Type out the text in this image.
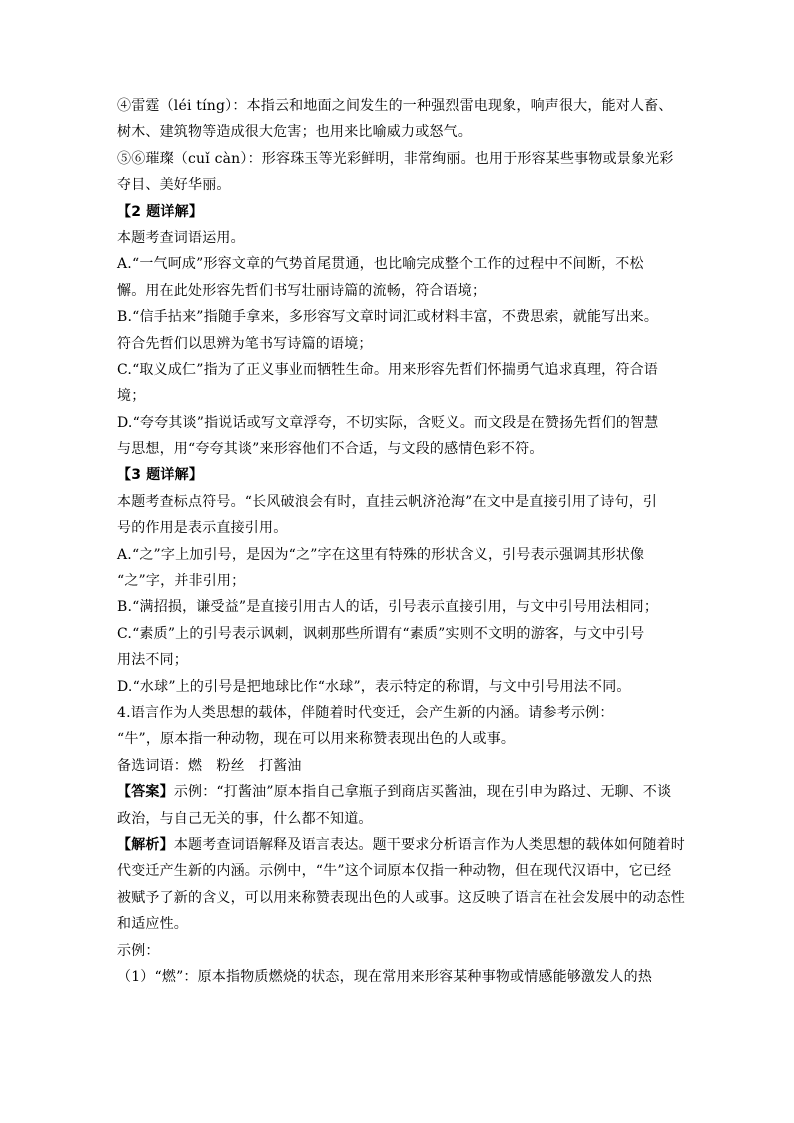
④雷霆（léi tíng）：本指云和地面之间发生的一种强烈雷电现象，响声很大，能对人畜、
树木、建筑物等造成很大危害；也用来比喻威力或怒气。
⑤⑥璀璨（cuǐ càn）：形容珠玉等光彩鲜明，非常绚丽。也用于形容某些事物或景象光彩
夺目、美好华丽。
【2 题详解】
本题考查词语运用。
A.“一气呵成”形容文章的气势首尾贯通，也比喻完成整个工作的过程中不间断，不松
懈。用在此处形容先哲们书写壮丽诗篇的流畅，符合语境；
B.“信手拈来”指随手拿来，多形容写文章时词汇或材料丰富，不费思索，就能写出来。
符合先哲们以思辨为笔书写诗篇的语境；
C.“取义成仁”指为了正义事业而牺牲生命。用来形容先哲们怀揣勇气追求真理，符合语
境；
D.“夸夸其谈”指说话或写文章浮夸，不切实际，含贬义。而文段是在赞扬先哲们的智慧
与思想，用“夸夸其谈”来形容他们不合适，与文段的感情色彩不符。
【3 题详解】
本题考查标点符号。“长风破浪会有时，直挂云帆济沧海”在文中是直接引用了诗句，引
号的作用是表示直接引用。
A.“之”字上加引号，是因为“之”字在这里有特殊的形状含义，引号表示强调其形状像
“之”字，并非引用；
B.“满招损，谦受益”是直接引用古人的话，引号表示直接引用，与文中引号用法相同；
C.“素质”上的引号表示讽刺，讽刺那些所谓有“素质”实则不文明的游客，与文中引号
用法不同；
D.“水球”上的引号是把地球比作“水球”，表示特定的称谓，与文中引号用法不同。
4.语言作为人类思想的载体，伴随着时代变迁，会产生新的内涵。请参考示例：
“牛”，原本指一种动物，现在可以用来称赞表现出色的人或事。
备选词语：燃　粉丝　打酱油
【答案】示例：“打酱油”原本指自己拿瓶子到商店买酱油，现在引申为路过、无聊、不谈
政治，与自己无关的事，什么都不知道。
【解析】本题考查词语解释及语言表达。题干要求分析语言作为人类思想的载体如何随着时
代变迁产生新的内涵。示例中，“牛”这个词原本仅指一种动物，但在现代汉语中，它已经
被赋予了新的含义，可以用来称赞表现出色的人或事。这反映了语言在社会发展中的动态性
和适应性。
示例：
（1）“燃”：原本指物质燃烧的状态，现在常用来形容某种事物或情感能够激发人的热
